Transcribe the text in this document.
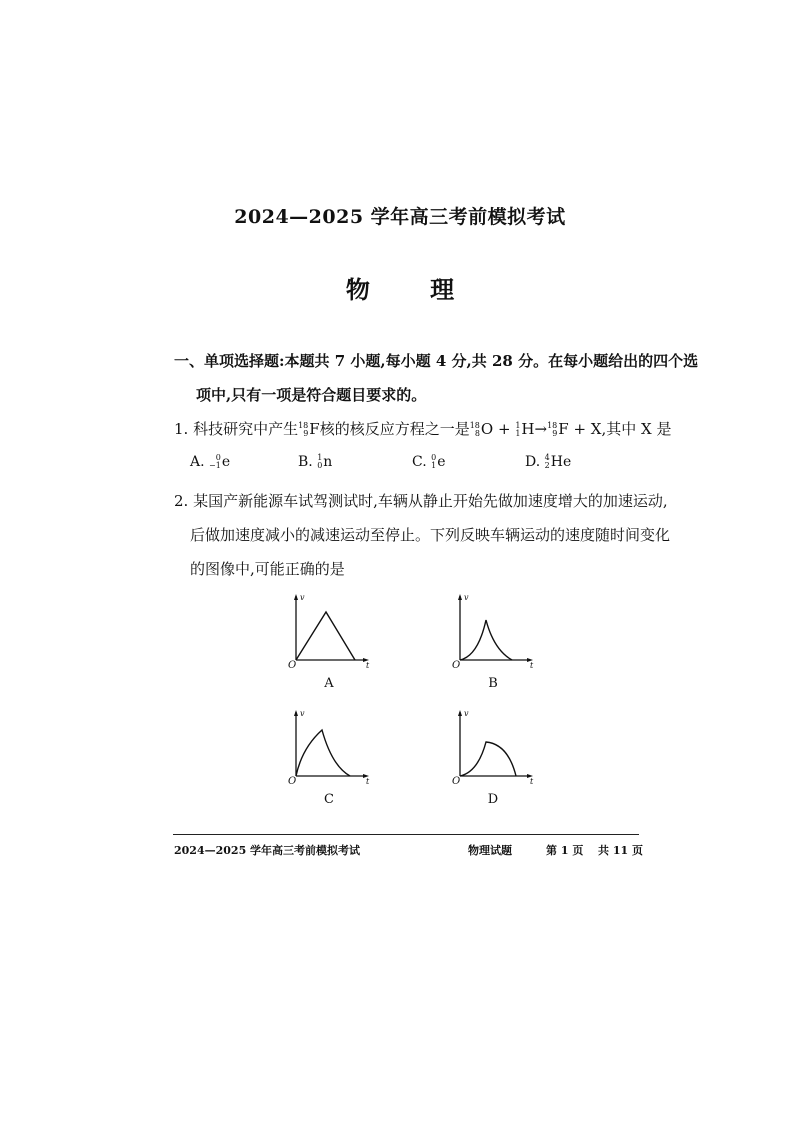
2024—2025 学年高三考前模拟考试
物 理
一、单项选择题:本题共 7 小题,每小题 4 分,共 28 分。在每小题给出的四个选
项中,只有一项是符合题目要求的。
1. 科技研究中产生 18
9 F核的核反应方程之一是 18
8 O + 1
1 H→ 18
9 F + X,其中 X 是
A. 0
−1 e	B. 1
0 n	C. 0
1 e	D. 4
2 He
2. 某国产新能源车试驾测试时,车辆从静止开始先做加速度增大的加速运动,
后做加速度减小的减速运动至停止。下列反映车辆运动的速度随时间变化
的图像中,可能正确的是
v
t
O
A
v
t
O
B
v
t
O
C
v
t
O
D
2024—2025 学年高三考前模拟考试	物理试题	第 1 页 共 11 页
